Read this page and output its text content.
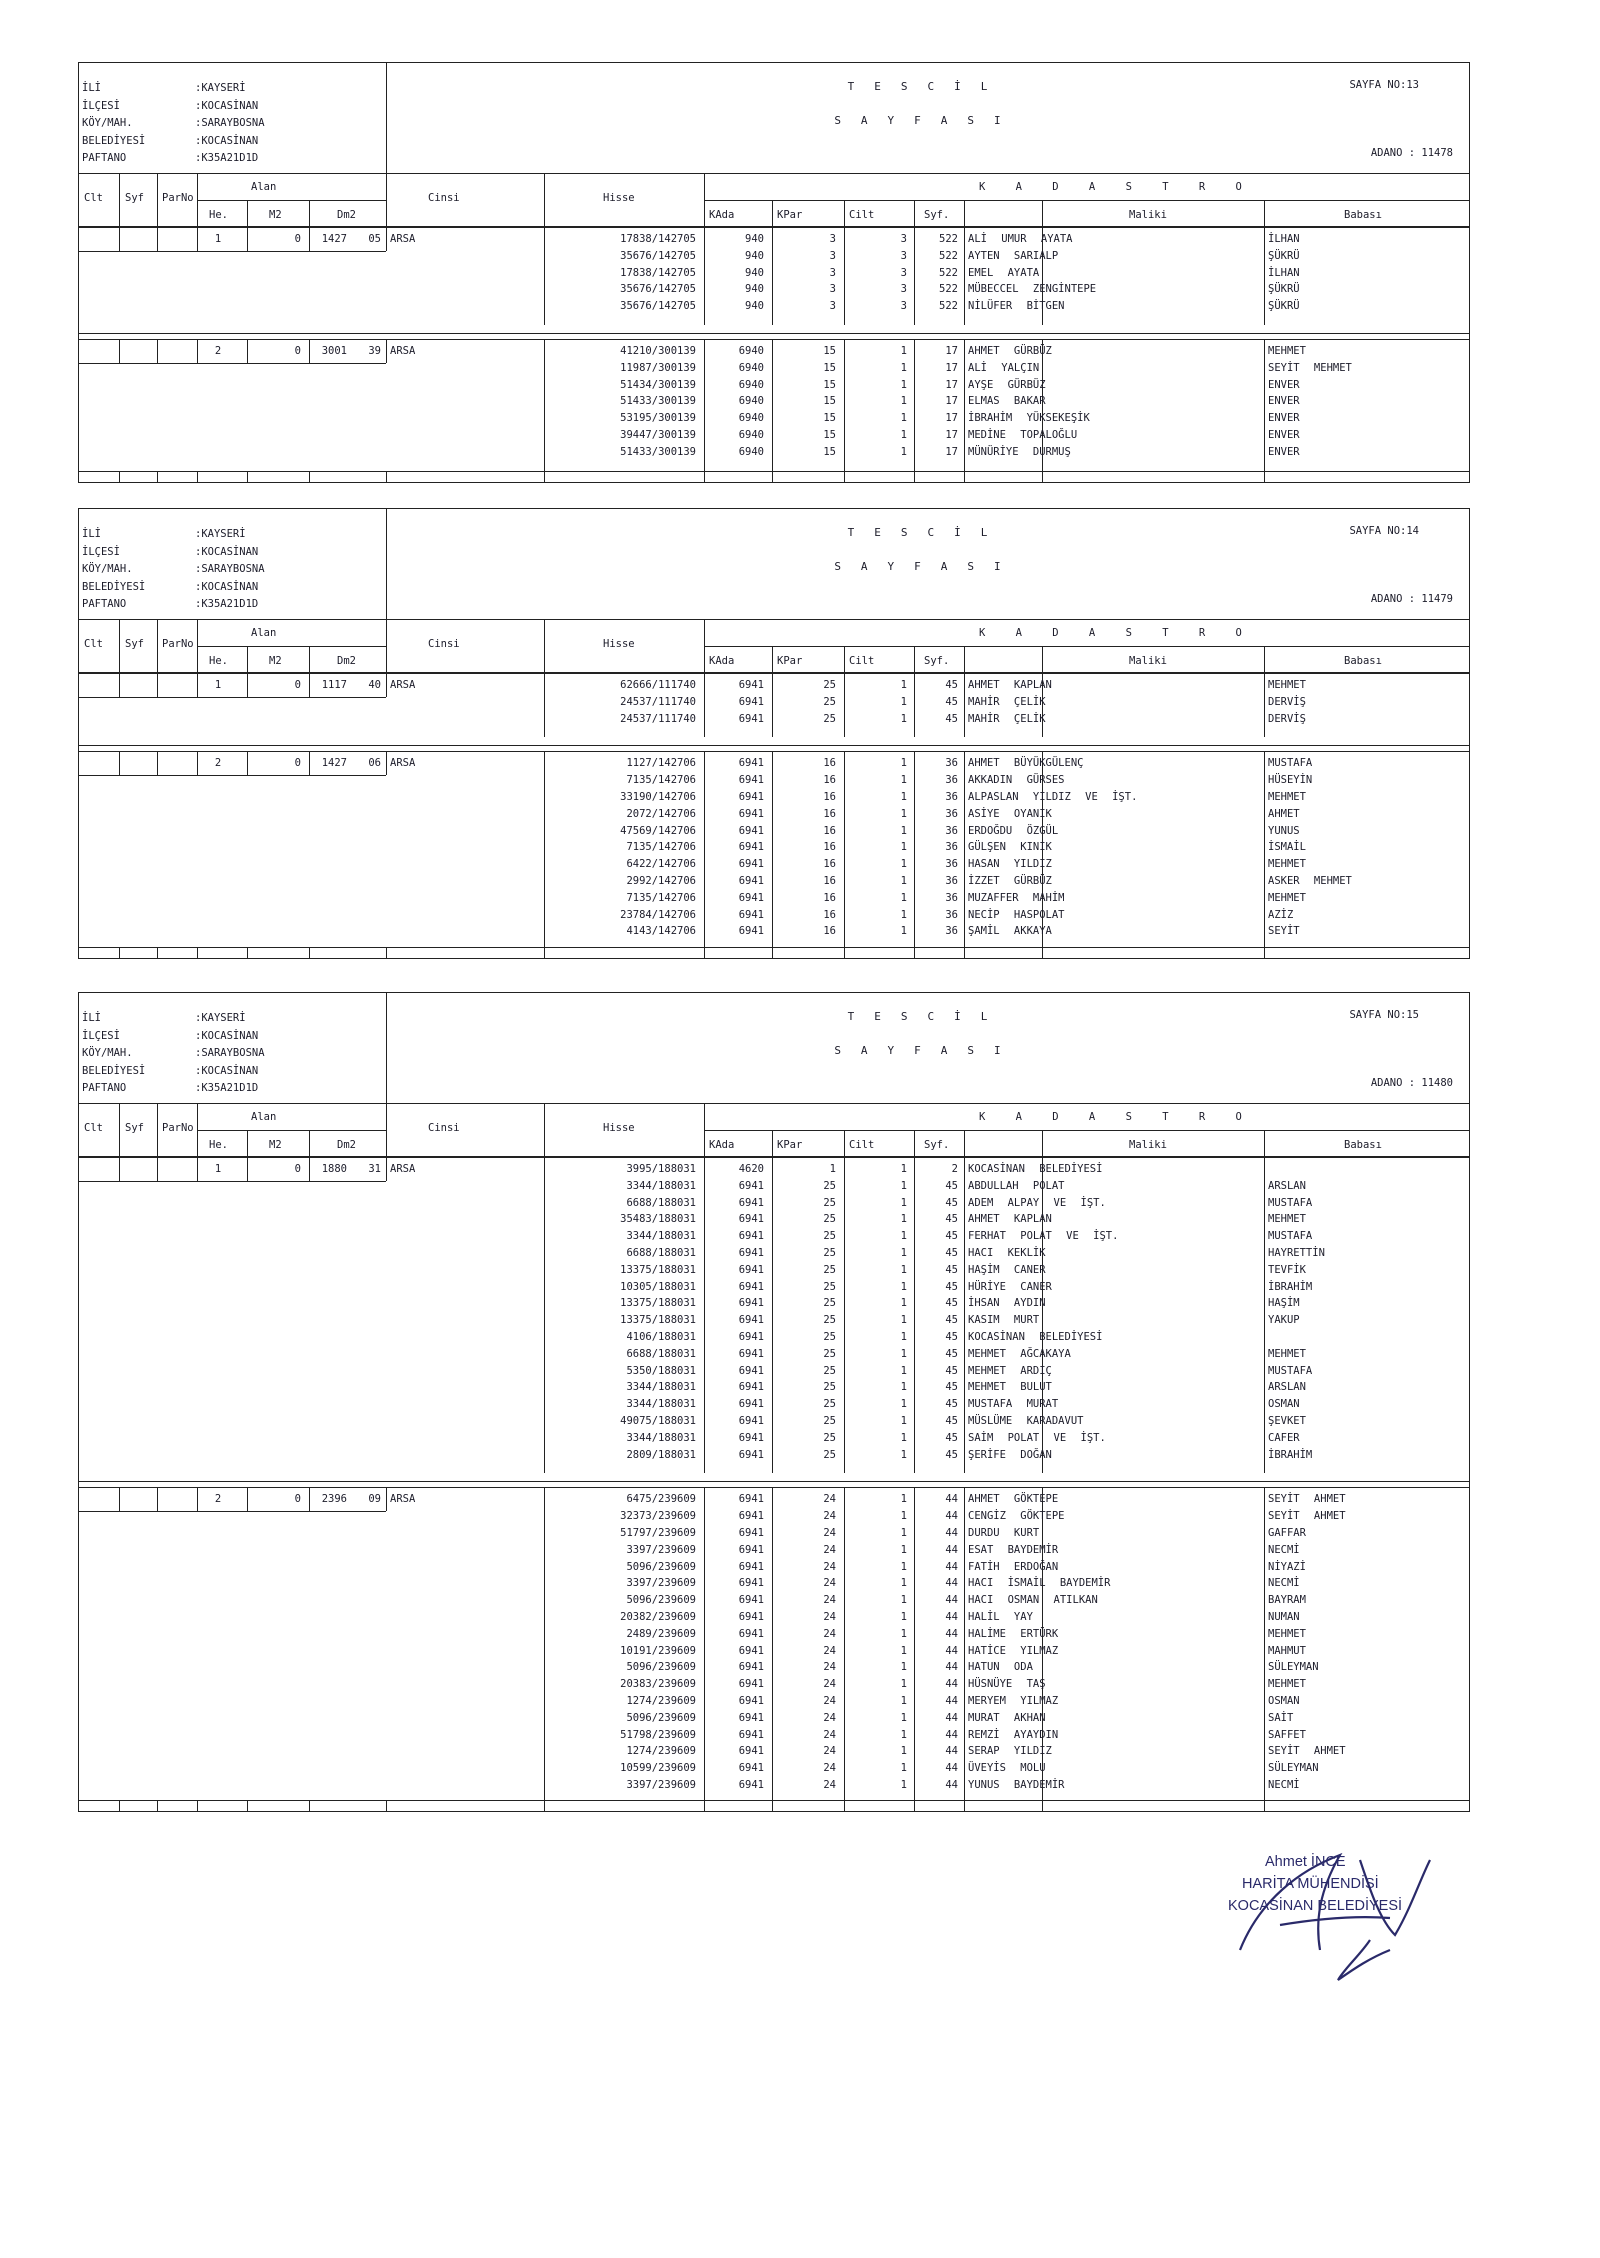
İLİ	:KAYSERİ
İLÇESİ	:KOCASİNAN
KÖY/MAH.	:SARAYBOSNA
BELEDİYESİ	:KOCASİNAN
PAFTANO	:K35A21D1D
TESCİL
SAYFASI
SAYFA NO:13
ADANO : 11478
Clt Syf ParNo
Alan
He.	M2	Dm2
Cinsi	Hisse
K A D A S T R O
KAda	KPar	Cilt	Syf.	Maliki	Babası
1	0	1427	05 ARSA	17838/142705	940	3	3	522 ALİ UMUR AYATA	İLHAN
35676/142705	940	3	3	522 AYTEN SARIALP	ŞÜKRÜ
17838/142705	940	3	3	522 EMEL AYATA	İLHAN
35676/142705	940	3	3	522 MÜBECCEL ZENGİNTEPE	ŞÜKRÜ
35676/142705	940	3	3	522 NİLÜFER BİTGEN	ŞÜKRÜ
2	0	3001	39 ARSA	41210/300139	6940	15	1	17 AHMET GÜRBÜZ	MEHMET
11987/300139	6940	15	1	17 ALİ YALÇIN	SEYİT MEHMET
51434/300139	6940	15	1	17 AYŞE GÜRBÜZ	ENVER
51433/300139	6940	15	1	17 ELMAS BAKAR	ENVER
53195/300139	6940	15	1	17 İBRAHİM YÜKSEKEŞİK	ENVER
39447/300139	6940	15	1	17 MEDİNE TOPALOĞLU	ENVER
51433/300139	6940	15	1	17 MÜNÜRİYE DURMUŞ	ENVER
İLİ	:KAYSERİ
İLÇESİ	:KOCASİNAN
KÖY/MAH.	:SARAYBOSNA
BELEDİYESİ	:KOCASİNAN
PAFTANO	:K35A21D1D
TESCİL
SAYFASI
SAYFA NO:14
ADANO : 11479
Clt Syf ParNo
Alan
He.	M2	Dm2
Cinsi	Hisse
K A D A S T R O
KAda	KPar	Cilt	Syf.	Maliki	Babası
1	0	1117	40 ARSA	62666/111740	6941	25	1	45 AHMET KAPLAN	MEHMET
24537/111740	6941	25	1	45 MAHİR ÇELİK	DERVİŞ
24537/111740	6941	25	1	45 MAHİR ÇELİK	DERVİŞ
2	0	1427	06 ARSA	1127/142706	6941	16	1	36 AHMET BÜYÜKGÜLENÇ	MUSTAFA
7135/142706	6941	16	1	36 AKKADIN GÜRSES	HÜSEYİN
33190/142706	6941	16	1	36 ALPASLAN YILDIZ VE İŞT.	MEHMET
2072/142706	6941	16	1	36 ASİYE OYANIK	AHMET
47569/142706	6941	16	1	36 ERDOĞDU ÖZGÜL	YUNUS
7135/142706	6941	16	1	36 GÜLŞEN KINIK	İSMAİL
6422/142706	6941	16	1	36 HASAN YILDIZ	MEHMET
2992/142706	6941	16	1	36 İZZET GÜRBÜZ	ASKER MEHMET
7135/142706	6941	16	1	36 MUZAFFER MAHİM	MEHMET
23784/142706	6941	16	1	36 NECİP HASPOLAT	AZİZ
4143/142706	6941	16	1	36 ŞAMİL AKKAYA	SEYİT
İLİ	:KAYSERİ
İLÇESİ	:KOCASİNAN
KÖY/MAH.	:SARAYBOSNA
BELEDİYESİ	:KOCASİNAN
PAFTANO	:K35A21D1D
TESCİL
SAYFASI
SAYFA NO:15
ADANO : 11480
Clt Syf ParNo
Alan
He.	M2	Dm2
Cinsi	Hisse
K A D A S T R O
KAda	KPar	Cilt	Syf.	Maliki	Babası
1	0	1880	31 ARSA	3995/188031	4620	1	1	2 KOCASİNAN BELEDİYESİ
3344/188031	6941	25	1	45 ABDULLAH POLAT	ARSLAN
6688/188031	6941	25	1	45 ADEM ALPAY VE İŞT.	MUSTAFA
35483/188031	6941	25	1	45 AHMET KAPLAN	MEHMET
3344/188031	6941	25	1	45 FERHAT POLAT VE İŞT.	MUSTAFA
6688/188031	6941	25	1	45 HACI KEKLİK	HAYRETTİN
13375/188031	6941	25	1	45 HAŞİM CANER	TEVFİK
10305/188031	6941	25	1	45 HÜRİYE CANER	İBRAHİM
13375/188031	6941	25	1	45 İHSAN AYDIN	HAŞİM
13375/188031	6941	25	1	45 KASIM MURT	YAKUP
4106/188031	6941	25	1	45 KOCASİNAN BELEDİYESİ
6688/188031	6941	25	1	45 MEHMET AĞCAKAYA	MEHMET
5350/188031	6941	25	1	45 MEHMET ARDIÇ	MUSTAFA
3344/188031	6941	25	1	45 MEHMET BULUT	ARSLAN
3344/188031	6941	25	1	45 MUSTAFA MURAT	OSMAN
49075/188031	6941	25	1	45 MÜSLÜME KARADAVUT	ŞEVKET
3344/188031	6941	25	1	45 SAİM POLAT VE İŞT.	CAFER
2809/188031	6941	25	1	45 ŞERİFE DOĞAN	İBRAHİM
2	0	2396	09 ARSA	6475/239609	6941	24	1	44 AHMET GÖKTEPE	SEYİT AHMET
32373/239609	6941	24	1	44 CENGİZ GÖKTEPE	SEYİT AHMET
51797/239609	6941	24	1	44 DURDU KURT	GAFFAR
3397/239609	6941	24	1	44 ESAT BAYDEMİR	NECMİ
5096/239609	6941	24	1	44 FATİH ERDOĞAN	NİYAZİ
3397/239609	6941	24	1	44 HACI İSMAİL BAYDEMİR	NECMİ
5096/239609	6941	24	1	44 HACI OSMAN ATILKAN	BAYRAM
20382/239609	6941	24	1	44 HALİL YAY	NUMAN
2489/239609	6941	24	1	44 HALİME ERTÜRK	MEHMET
10191/239609	6941	24	1	44 HATİCE YILMAZ	MAHMUT
5096/239609	6941	24	1	44 HATUN ODA	SÜLEYMAN
20383/239609	6941	24	1	44 HÜSNÜYE TAŞ	MEHMET
1274/239609	6941	24	1	44 MERYEM YILMAZ	OSMAN
5096/239609	6941	24	1	44 MURAT AKHAN	SAİT
51798/239609	6941	24	1	44 REMZİ AYAYDIN	SAFFET
1274/239609	6941	24	1	44 SERAP YILDIZ	SEYİT AHMET
10599/239609	6941	24	1	44 ÜVEYİS MOLU	SÜLEYMAN
3397/239609	6941	24	1	44 YUNUS BAYDEMİR	NECMİ
Ahmet İNCE
HARİTA MÜHENDİSİ
KOCASİNAN BELEDİYESİ
